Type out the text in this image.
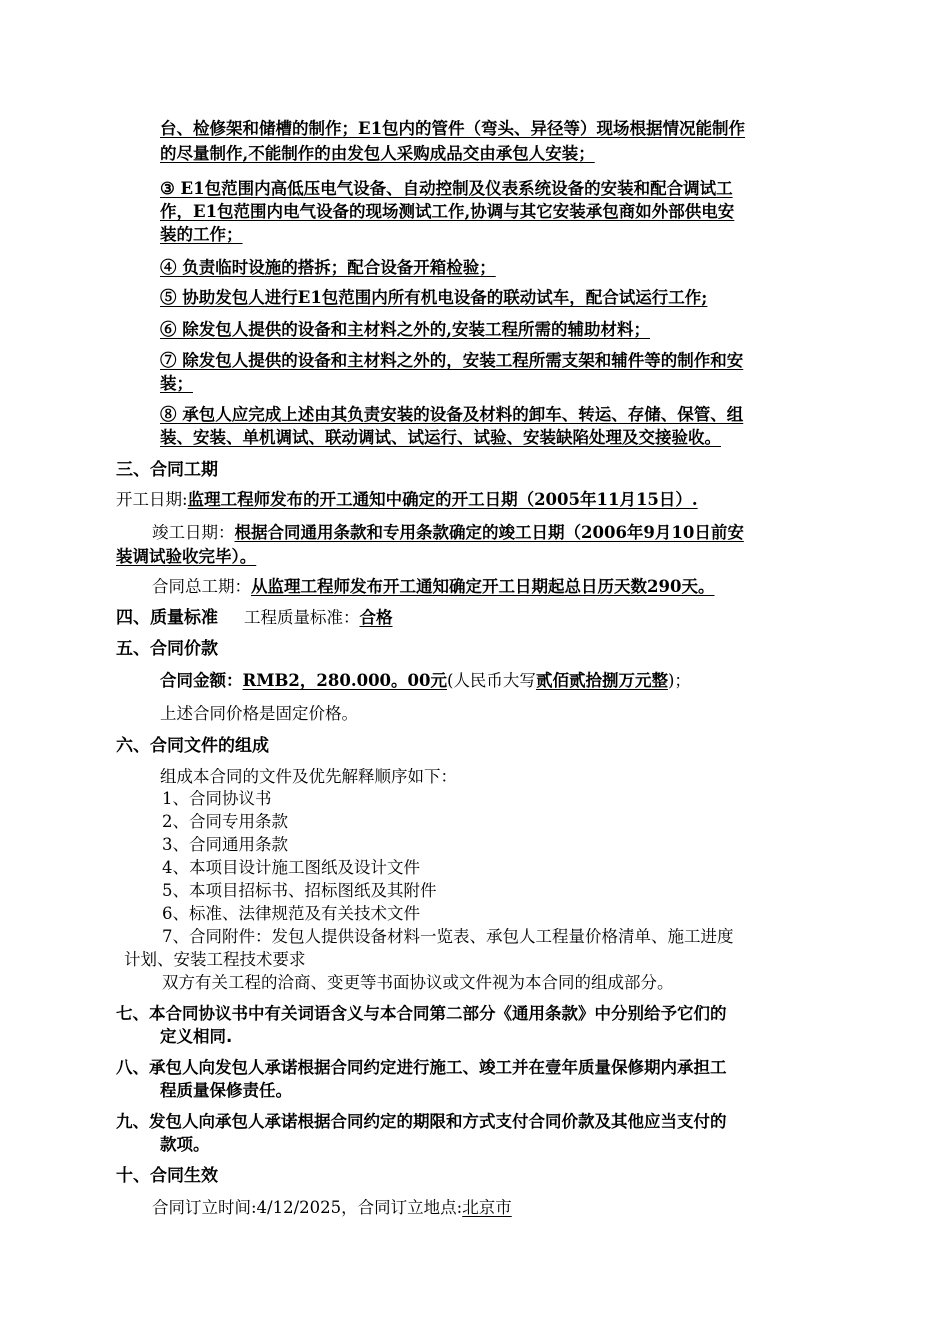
台、检修架和储槽的制作；E1包内的管件（弯头、异径等）现场根据情况能制作
的尽量制作,不能制作的由发包人采购成品交由承包人安装；
③ E1包范围内高低压电气设备、自动控制及仪表系统设备的安装和配合调试工
作，E1包范围内电气设备的现场测试工作,协调与其它安装承包商如外部供电安
装的工作；
④ 负责临时设施的搭拆；配合设备开箱检验；
⑤ 协助发包人进行E1包范围内所有机电设备的联动试车，配合试运行工作;
⑥ 除发包人提供的设备和主材料之外的,安装工程所需的辅助材料；
⑦ 除发包人提供的设备和主材料之外的，安装工程所需支架和辅件等的制作和安
装；
⑧ 承包人应完成上述由其负责安装的设备及材料的卸车、转运、存储、保管、组
装、安装、单机调试、联动调试、试运行、试验、安装缺陷处理及交接验收。
三、合同工期
开工日期:监理工程师发布的开工通知中确定的开工日期（2005年11月15日）.
竣工日期：根据合同通用条款和专用条款确定的竣工日期（2006年9月10日前安
装调试验收完毕）。
合同总工期：从监理工程师发布开工通知确定开工日期起总日历天数290天。
四、质量标准 工程质量标准：合格
五、合同价款
合同金额：RMB2，280.000。00元(人民币大写贰佰贰拾捌万元整)；
上述合同价格是固定价格。
六、合同文件的组成
组成本合同的文件及优先解释顺序如下：
1、合同协议书
2、合同专用条款
3、合同通用条款
4、本项目设计施工图纸及设计文件
5、本项目招标书、招标图纸及其附件
6、标准、法律规范及有关技术文件
7、合同附件：发包人提供设备材料一览表、承包人工程量价格清单、施工进度
计划、安装工程技术要求
双方有关工程的洽商、变更等书面协议或文件视为本合同的组成部分。
七、本合同协议书中有关词语含义与本合同第二部分《通用条款》中分别给予它们的
定义相同.
八、承包人向发包人承诺根据合同约定进行施工、竣工并在壹年质量保修期内承担工
程质量保修责任。
九、发包人向承包人承诺根据合同约定的期限和方式支付合同价款及其他应当支付的
款项。
十、合同生效
合同订立时间:4/12/2025，合同订立地点:北京市
